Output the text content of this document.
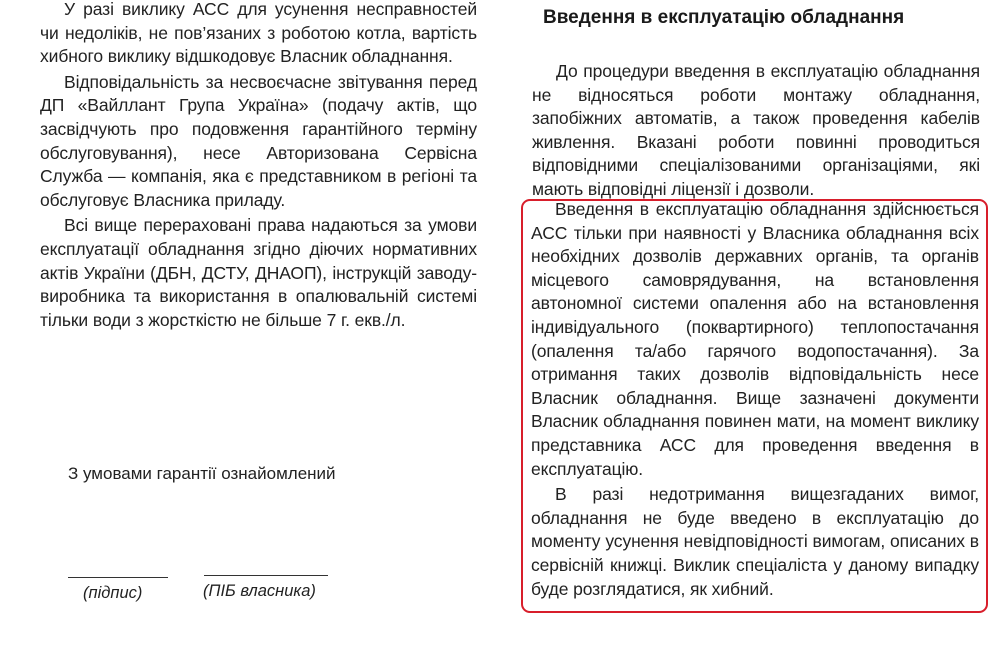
У разі виклику АСС для усунення несправностей чи недоліків, не пов’язаних з роботою котла, вартість хибного виклику відшкодовує Власник обладнання.

Відповідальність за несвоєчасне звітування перед ДП «Вайллант Група Україна» (подачу актів, що засвідчують про подовження гарантійного терміну обслуговування), несе Авторизована Сервісна Служба — компанія, яка є представником в регіоні та обслуговує Власника приладу.

Всі вище перераховані права надаються за умови експлуатації обладнання згідно діючих нормативних актів України (ДБН, ДСТУ, ДНАОП), інструкцій заводу-виробника та використання в опалювальній системі тільки води з жорсткістю не більше 7 г. екв./л.

З умовами гарантії ознайомлений

(підпис)	(ПІБ власника)

Введення в експлуатацію обладнання

До процедури введення в експлуатацію обладнання не відносяться роботи монтажу обладнання, запобіжних автоматів, а також проведення кабелів живлення. Вказані роботи повинні проводиться відповідними спеціалізованими організаціями, які мають відповідні ліцензії і дозволи.

Введення в експлуатацію обладнання здійснюється АСС тільки при наявності у Власника обладнання всіх необхідних дозволів державних органів, та органів місцевого самоврядування, на встановлення автономної системи опалення або на встановлення індивідуального (поквартирного) теплопостачання (опалення та/або гарячого водопостачання). За отримання таких дозволів відповідальність несе Власник обладнання. Вище зазначені документи Власник обладнання повинен мати, на момент виклику представника АСС для проведення введення в експлуатацію.

В разі недотримання вищезгаданих вимог, обладнання не буде введено в експлуатацію до моменту усунення невідповідності вимогам, описаних в сервісній книжці. Виклик спеціаліста у даному випадку буде розглядатися, як хибний.
